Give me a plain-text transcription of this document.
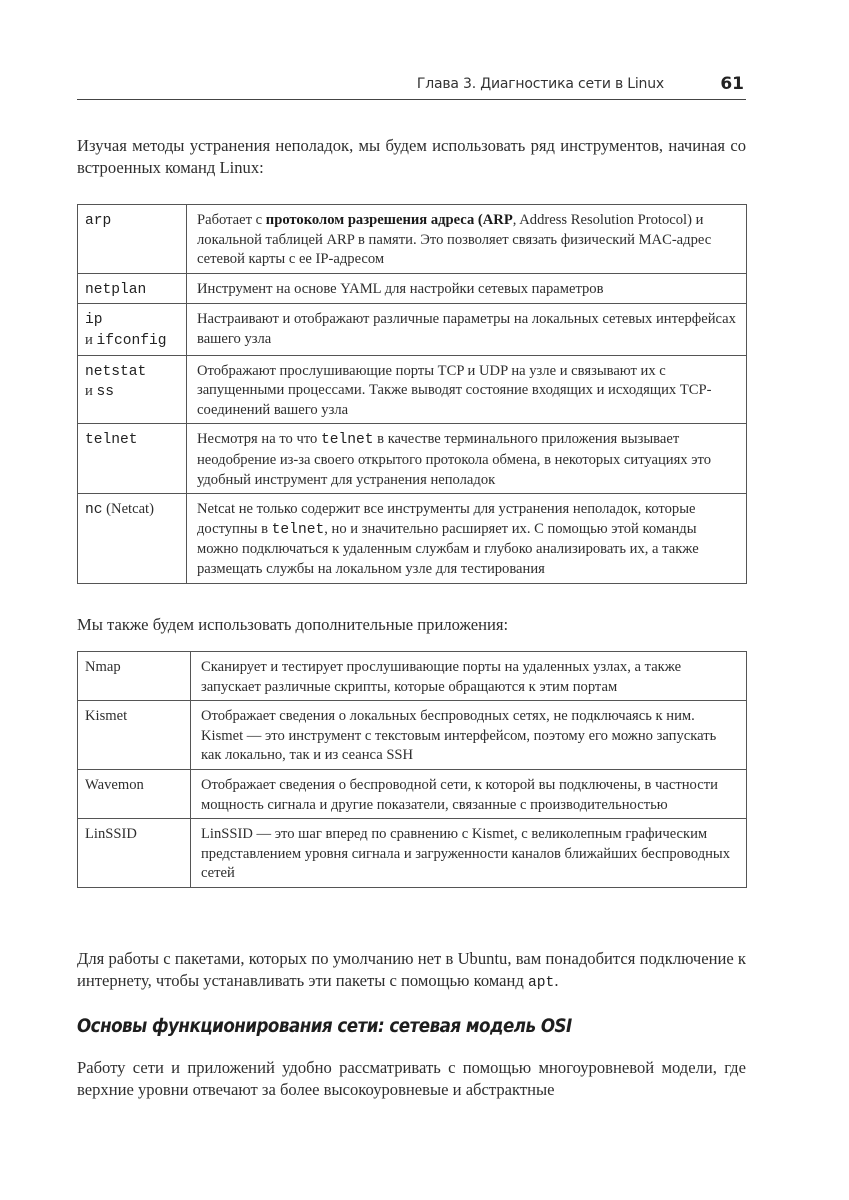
Глава 3. Диагностика сети в Linux	61

Изучая методы устранения неполадок, мы будем использовать ряд инструментов, начиная со встроенных команд Linux:

arp	Работает с протоколом разрешения адреса (ARP, Address Resolution Protocol) и локальной таблицей ARP в памяти. Это позволяет связать физический MAC-адрес сетевой карты с ее IP-адресом
netplan	Инструмент на основе YAML для настройки сетевых параметров
ip
и ifconfig	Настраивают и отображают различные параметры на локальных сетевых интерфейсах вашего узла
netstat
и ss	Отображают прослушивающие порты TCP и UDP на узле и связывают их с запущенными процессами. Также выводят состояние входящих и исходящих TCP-соединений вашего узла
telnet	Несмотря на то что telnet в качестве терминального приложения вызывает неодобрение из-за своего открытого протокола обмена, в некоторых ситуациях это удобный инструмент для устранения неполадок
nc (Netcat)	Netcat не только содержит все инструменты для устранения неполадок, которые доступны в telnet, но и значительно расширяет их. С помощью этой команды можно подключаться к удаленным службам и глубоко анализировать их, а также размещать службы на локальном узле для тестирования

Мы также будем использовать дополнительные приложения:

Nmap	Сканирует и тестирует прослушивающие порты на удаленных узлах, а также запускает различные скрипты, которые обращаются к этим портам
Kismet	Отображает сведения о локальных беспроводных сетях, не подключаясь к ним. Kismet — это инструмент с текстовым интерфейсом, поэтому его можно запускать как локально, так и из сеанса SSH
Wavemon	Отображает сведения о беспроводной сети, к которой вы подключены, в частности мощность сигнала и другие показатели, связанные с производительностью
LinSSID	LinSSID — это шаг вперед по сравнению с Kismet, с великолепным графическим представлением уровня сигнала и загруженности каналов ближайших беспроводных сетей

Для работы с пакетами, которых по умолчанию нет в Ubuntu, вам понадобится подключение к интернету, чтобы устанавливать эти пакеты с помощью команд apt.

Основы функционирования сети: сетевая модель OSI

Работу сети и приложений удобно рассматривать с помощью многоуровневой модели, где верхние уровни отвечают за более высокоуровневые и абстрактные
